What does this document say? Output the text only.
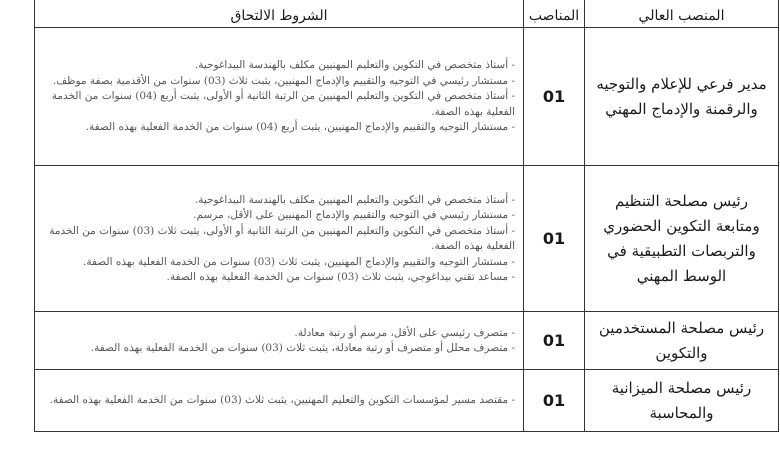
المنصب العالي	المناصب	الشروط الالتحاق
مدير فرعي للإعلام والتوجيه والرقمنة والإدماج المهني	01	- أستاذ متخصص في التكوين والتعليم المهنيين مكلف بالهندسة البيداغوجية.
- مستشار رئيسي في التوجيه والتقييم والإدماج المهنيين، يثبت ثلاث (03) سنوات من الأقدمية بصفة موظف.
- أستاذ متخصص في التكوين والتعليم المهنيين من الرتبة الثانية أو الأولى، يثبت أربع (04) سنوات من الخدمة الفعلية بهذه الصفة.
- مستشار التوجيه والتقييم والإدماج المهنيين، يثبت أربع (04) سنوات من الخدمة الفعلية بهذه الصفة.

رئيس مصلحة التنظيم ومتابعة التكوين الحضوري والتربصات التطبيقية في الوسط المهني	01	- أستاذ متخصص في التكوين والتعليم المهنيين مكلف بالهندسة البيداغوجية.
- مستشار رئيسي في التوجيه والتقييم والإدماج المهنيين على الأقل، مرسم.
- أستاذ متخصص في التكوين والتعليم المهنيين من الرتبة الثانية أو الأولى، يثبت ثلاث (03) سنوات من الخدمة الفعلية بهذه الصفة.
- مستشار التوجيه والتقييم والإدماج المهنيين، يثبت ثلاث (03) سنوات من الخدمة الفعلية بهذه الصفة.
- مساعد تقني بيداغوجي، يثبت ثلاث (03) سنوات من الخدمة الفعلية بهذه الصفة.

رئيس مصلحة المستخدمين والتكوين	01	- متصرف رئيسي على الأقل، مرسم أو رتبة معادلة.
- متصرف محلل أو متصرف أو رتبة معادلة، يثبت ثلاث (03) سنوات من الخدمة الفعلية بهذه الصفة.

رئيس مصلحة الميزانية والمحاسبة	01	- مقتصد مسير لمؤسسات التكوين والتعليم المهنيين، يثبت ثلاث (03) سنوات من الخدمة الفعلية بهذه الصفة.
